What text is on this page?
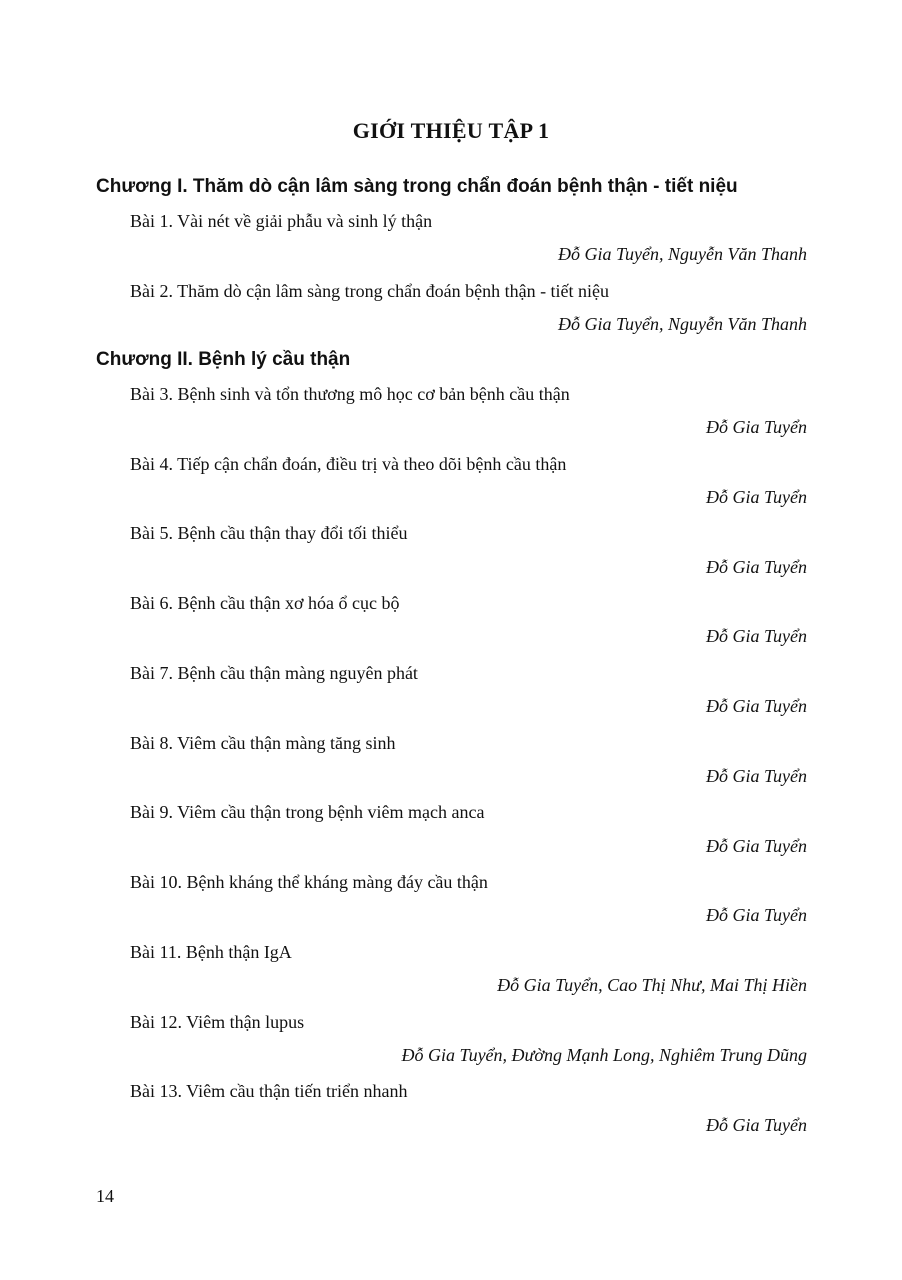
GIỚI THIỆU TẬP 1
Chương I. Thăm dò cận lâm sàng trong chẩn đoán bệnh thận - tiết niệu
Bài 1. Vài nét về giải phẫu và sinh lý thận
Đỗ Gia Tuyển, Nguyễn Văn Thanh
Bài 2. Thăm dò cận lâm sàng trong chẩn đoán bệnh thận - tiết niệu
Đỗ Gia Tuyển, Nguyễn Văn Thanh
Chương II. Bệnh lý cầu thận
Bài 3. Bệnh sinh và tổn thương mô học cơ bản bệnh cầu thận
Đỗ Gia Tuyển
Bài 4. Tiếp cận chẩn đoán, điều trị và theo dõi bệnh cầu thận
Đỗ Gia Tuyển
Bài 5. Bệnh cầu thận thay đổi tối thiểu
Đỗ Gia Tuyển
Bài 6. Bệnh cầu thận xơ hóa ổ cục bộ
Đỗ Gia Tuyển
Bài 7. Bệnh cầu thận màng nguyên phát
Đỗ Gia Tuyển
Bài 8. Viêm cầu thận màng tăng sinh
Đỗ Gia Tuyển
Bài 9. Viêm cầu thận trong bệnh viêm mạch anca
Đỗ Gia Tuyển
Bài 10. Bệnh kháng thể kháng màng đáy cầu thận
Đỗ Gia Tuyển
Bài 11. Bệnh thận IgA
Đỗ Gia Tuyển, Cao Thị Như, Mai Thị Hiền
Bài 12. Viêm thận lupus
Đỗ Gia Tuyển, Đường Mạnh Long, Nghiêm Trung Dũng
Bài 13. Viêm cầu thận tiến triển nhanh
Đỗ Gia Tuyển
14
